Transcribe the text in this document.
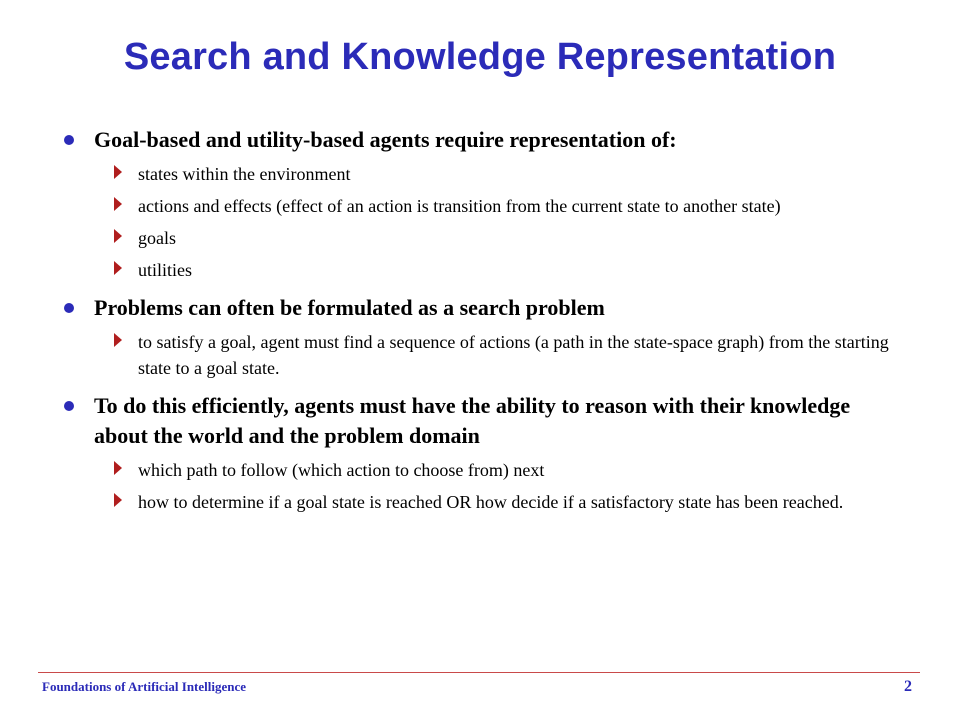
Search and Knowledge Representation
Goal-based and utility-based agents require representation of:
states within the environment
actions and effects (effect of an action is transition from the current state to another state)
goals
utilities
Problems can often be formulated as a search problem
to satisfy a goal, agent must find a sequence of actions (a path in the state-space graph) from the starting state to a goal state.
To do this efficiently, agents must have the ability to reason with their knowledge about the world and the problem domain
which path to follow (which action to choose from) next
how to determine if a goal state is reached OR how decide if a satisfactory state has been reached.
Foundations of Artificial Intelligence	2
